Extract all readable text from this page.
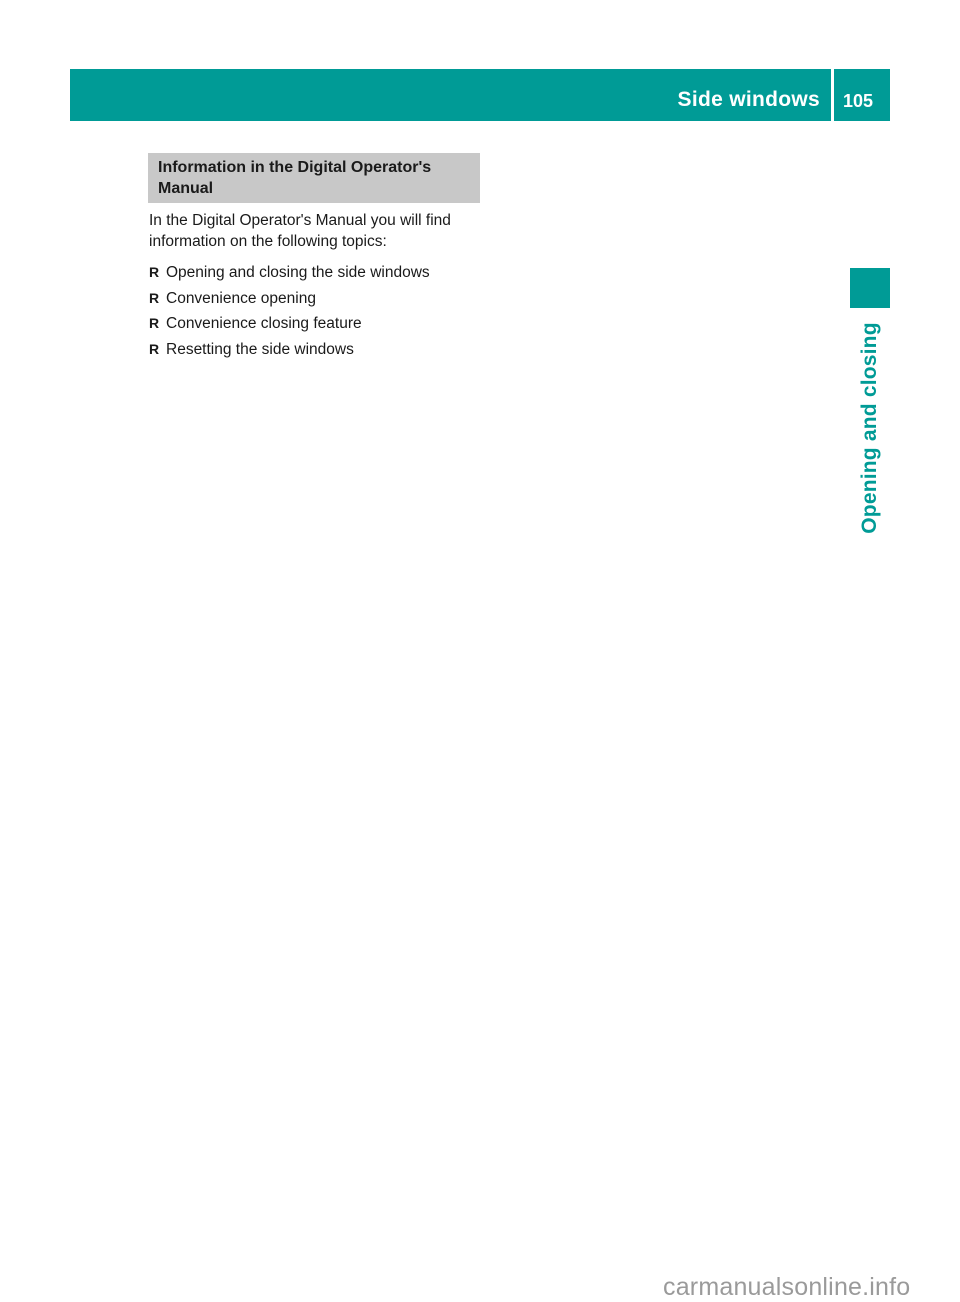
Side windows 105
Opening and closing
Information in the Digital Operator's Manual
In the Digital Operator's Manual you will find information on the following topics:
R Opening and closing the side windows
R Convenience opening
R Convenience closing feature
R Resetting the side windows
carmanualsonline.info
